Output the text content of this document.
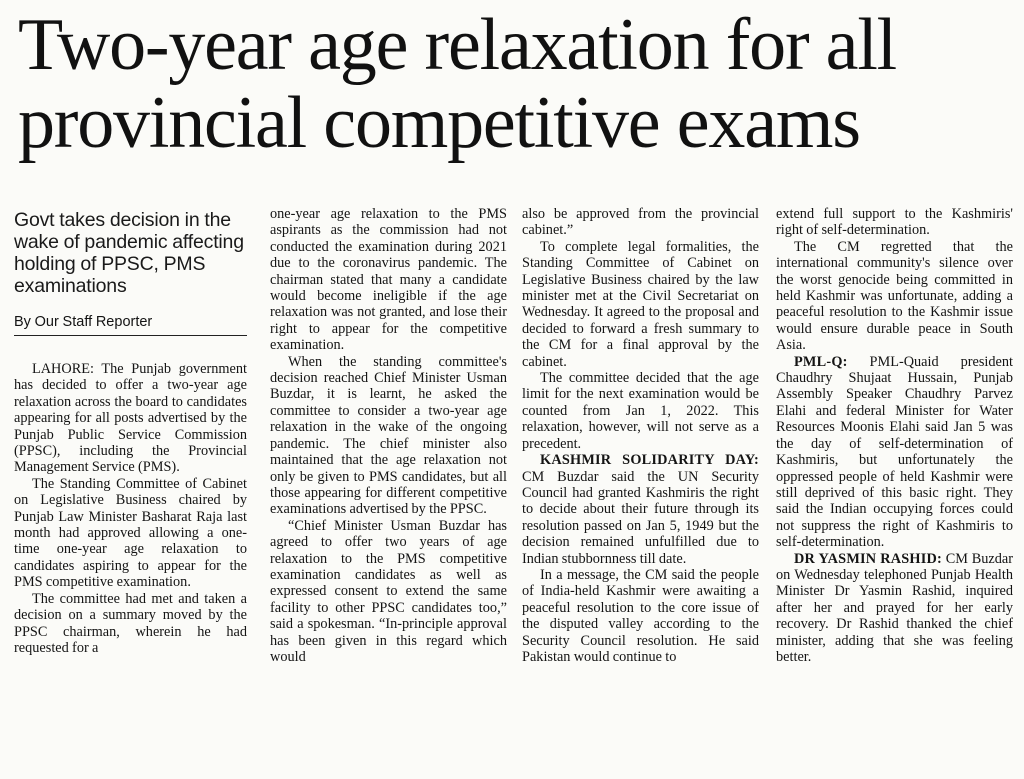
Two-year age relaxation for all provincial competitive exams
Govt takes decision in the wake of pandemic affecting holding of PPSC, PMS examinations
By Our Staff Reporter

LAHORE: The Punjab government has decided to offer a two-year age relaxation across the board to candidates appearing for all posts advertised by the Punjab Public Service Commission (PPSC), including the Provincial Management Service (PMS).

The Standing Committee of Cabinet on Legislative Business chaired by Punjab Law Minister Basharat Raja last month had approved allowing a one-time one-year age relaxation to candidates aspiring to appear for the PMS competitive examination.

The committee had met and taken a decision on a summary moved by the PPSC chairman, wherein he had requested for a

one-year age relaxation to the PMS aspirants as the commission had not conducted the examination during 2021 due to the coronavirus pandemic. The chairman stated that many a candidate would become ineligible if the age relaxation was not granted, and lose their right to appear for the competitive examination.

When the standing committee's decision reached Chief Minister Usman Buzdar, it is learnt, he asked the committee to consider a two-year age relaxation in the wake of the ongoing pandemic. The chief minister also maintained that the age relaxation not only be given to PMS candidates, but all those appearing for different competitive examinations advertised by the PPSC.

“Chief Minister Usman Buzdar has agreed to offer two years of age relaxation to the PMS competitive examination candidates as well as expressed consent to extend the same facility to other PPSC candidates too,” said a spokesman. “In-principle approval has been given in this regard which would

also be approved from the provincial cabinet.”

To complete legal formalities, the Standing Committee of Cabinet on Legislative Business chaired by the law minister met at the Civil Secretariat on Wednesday. It agreed to the proposal and decided to forward a fresh summary to the CM for a final approval by the cabinet.

The committee decided that the age limit for the next examination would be counted from Jan 1, 2022. This relaxation, however, will not serve as a precedent.

KASHMIR SOLIDARITY DAY: CM Buzdar said the UN Security Council had granted Kashmiris the right to decide about their future through its resolution passed on Jan 5, 1949 but the decision remained unfulfilled due to Indian stubbornness till date.

In a message, the CM said the people of India-held Kashmir were awaiting a peaceful resolution to the core issue of the disputed valley according to the Security Council resolution. He said Pakistan would continue to

extend full support to the Kashmiris' right of self-determination.

The CM regretted that the international community's silence over the worst genocide being committed in held Kashmir was unfortunate, adding a peaceful resolution to the Kashmir issue would ensure durable peace in South Asia.

PML-Q: PML-Quaid president Chaudhry Shujaat Hussain, Punjab Assembly Speaker Chaudhry Parvez Elahi and federal Minister for Water Resources Moonis Elahi said Jan 5 was the day of self-determination of Kashmiris, but unfortunately the oppressed people of held Kashmir were still deprived of this basic right. They said the Indian occupying forces could not suppress the right of Kashmiris to self-determination.

DR YASMIN RASHID: CM Buzdar on Wednesday telephoned Punjab Health Minister Dr Yasmin Rashid, inquired after her and prayed for her early recovery. Dr Rashid thanked the chief minister, adding that she was feeling better.
